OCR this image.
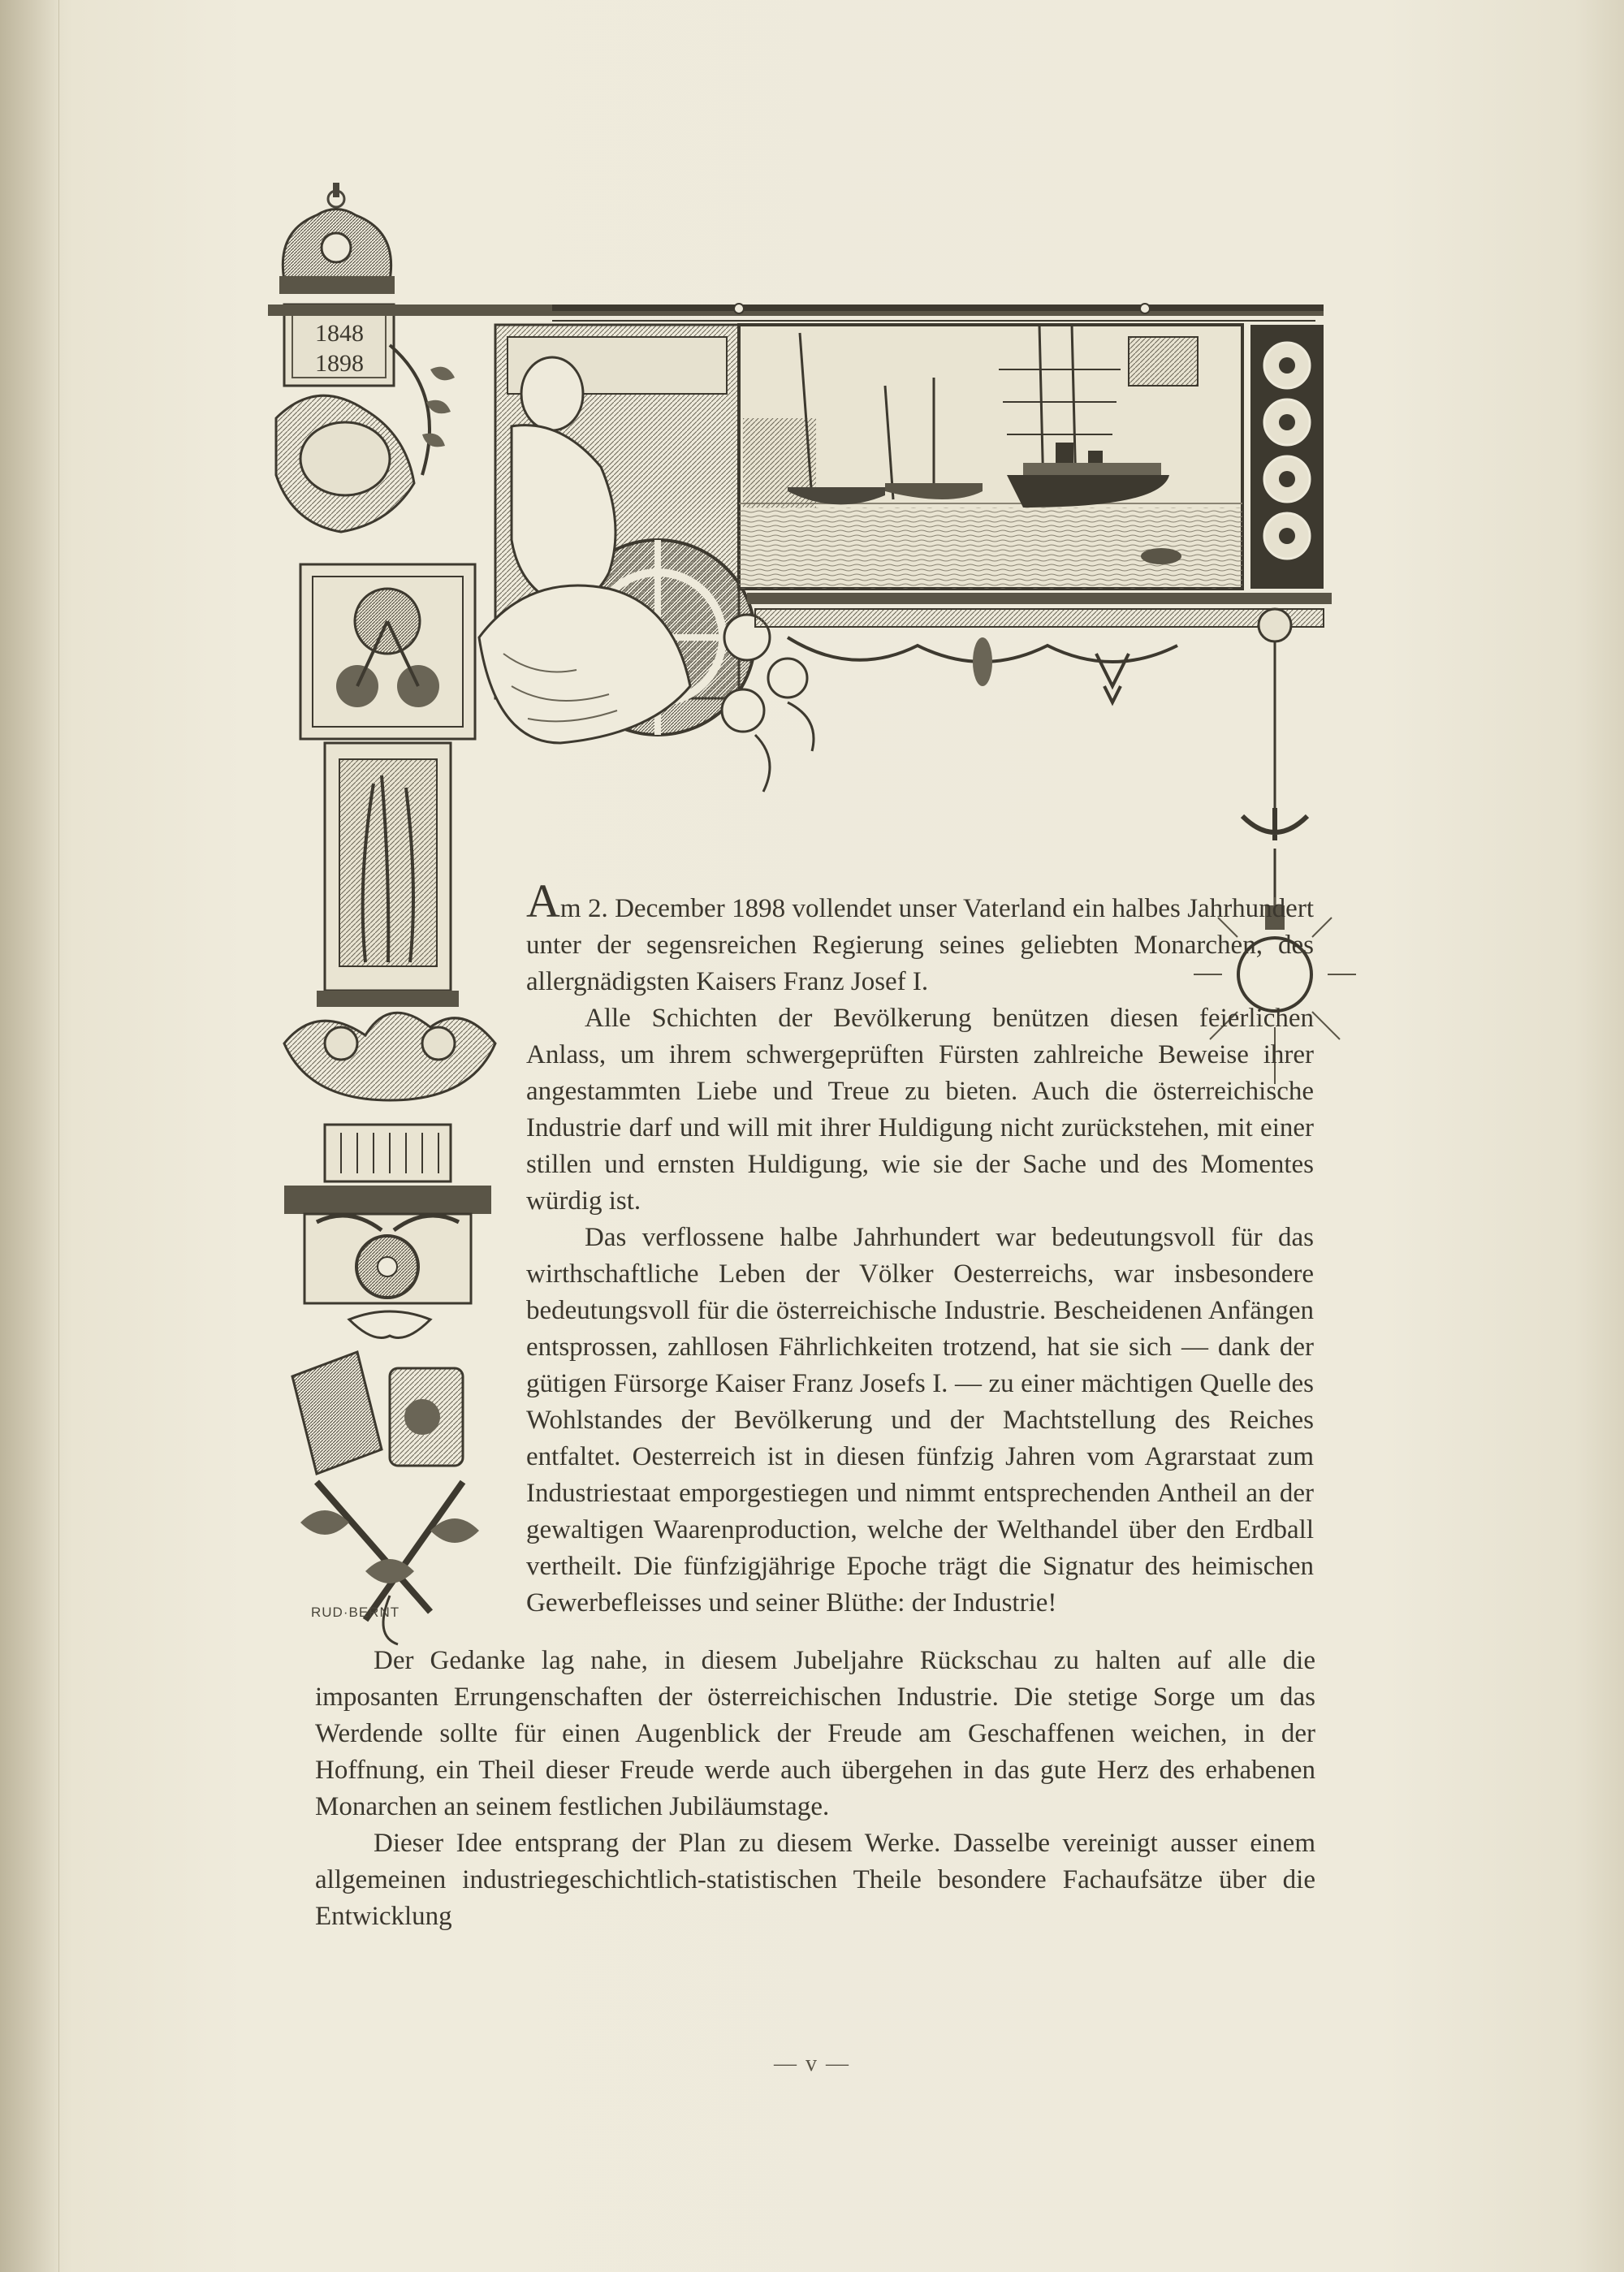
1848
1898

Am 2. December 1898 vollendet unser Vaterland ein halbes Jahrhundert unter der segensreichen Regierung seines geliebten Monarchen, des allergnädigsten Kaisers Franz Josef I.

Alle Schichten der Bevölkerung benützen diesen feierlichen Anlass, um ihrem schwergeprüften Fürsten zahlreiche Beweise ihrer angestammten Liebe und Treue zu bieten. Auch die österreichische Industrie darf und will mit ihrer Huldigung nicht zurückstehen, mit einer stillen und ernsten Huldigung, wie sie der Sache und des Momentes würdig ist.

Das verflossene halbe Jahrhundert war bedeutungsvoll für das wirthschaftliche Leben der Völker Oesterreichs, war insbesondere bedeutungsvoll für die österreichische Industrie. Bescheidenen Anfängen entsprossen, zahllosen Fährlichkeiten trotzend, hat sie sich — dank der gütigen Fürsorge Kaiser Franz Josefs I. — zu einer mächtigen Quelle des Wohlstandes der Bevölkerung und der Machtstellung des Reiches entfaltet. Oesterreich ist in diesen fünfzig Jahren vom Agrarstaat zum Industriestaat emporgestiegen und nimmt entsprechenden Antheil an der gewaltigen Waarenproduction, welche der Welthandel über den Erdball vertheilt. Die fünfzigjährige Epoche trägt die Signatur des heimischen Gewerbefleisses und seiner Blüthe: der Industrie!

Der Gedanke lag nahe, in diesem Jubeljahre Rückschau zu halten auf alle die imposanten Errungenschaften der österreichischen Industrie. Die stetige Sorge um das Werdende sollte für einen Augenblick der Freude am Geschaffenen weichen, in der Hoffnung, ein Theil dieser Freude werde auch übergehen in das gute Herz des erhabenen Monarchen an seinem festlichen Jubiläumstage.

Dieser Idee entsprang der Plan zu diesem Werke. Dasselbe vereinigt ausser einem allgemeinen industriegeschichtlich-statistischen Theile besondere Fachaufsätze über die Entwicklung

RUD·BERNT
— v —
